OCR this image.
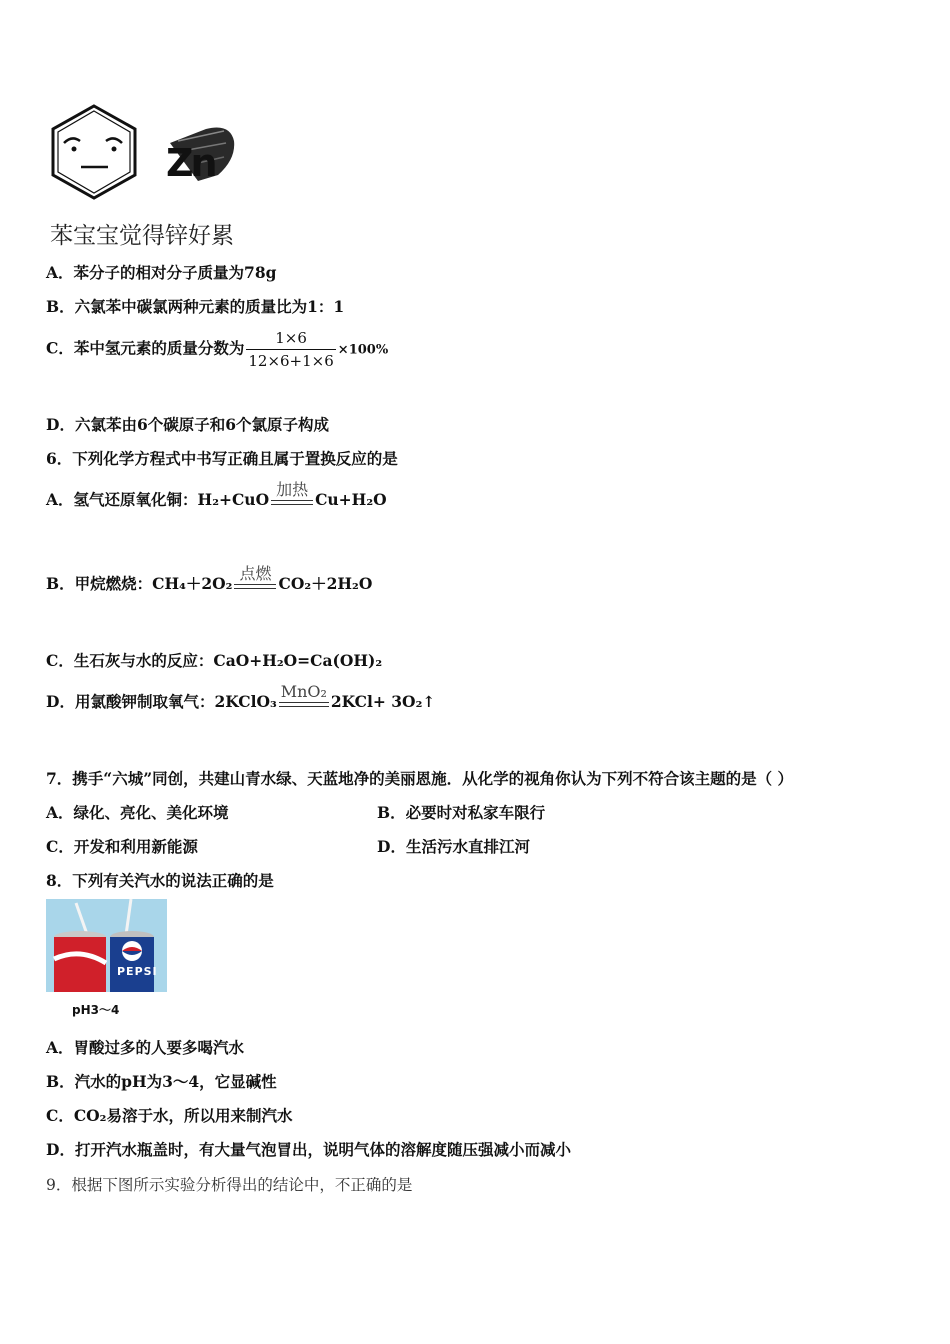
Zn
苯宝宝觉得锌好累
A．苯分子的相对分子质量为78g
B．六氯苯中碳氯两种元素的质量比为1：1
C．苯中氢元素的质量分数为 $\frac{1\times 6}{12\times 6+1\times 6} \times 100\%$
D．六氯苯由6个碳原子和6个氯原子构成
6．下列化学方程式中书写正确且属于置换反应的是
A．氢气还原氧化铜：H₂+CuO
加热
Cu+H₂O
B．甲烷燃烧：CH₄＋2O₂
点燃
CO₂＋2H₂O
C．生石灰与水的反应：CaO+H₂O=Ca(OH)₂
D．用氯酸钾制取氧气：2KClO₃
MnO₂
2KCl+ 3O₂↑
7．携手“六城”同创，共建山青水绿、天蓝地净的美丽恩施．从化学的视角你认为下列不符合该主题的是（ ）
A．绿化、亮化、美化环境	B．必要时对私家车限行
C．开发和利用新能源	D．生活污水直排江河
8．下列有关汽水的说法正确的是
PEPSI
pH3～4
A．胃酸过多的人要多喝汽水
B．汽水的pH为3～4，它显碱性
C．CO₂易溶于水，所以用来制汽水
D．打开汽水瓶盖时，有大量气泡冒出，说明气体的溶解度随压强减小而减小
9．根据下图所示实验分析得出的结论中，不正确的是
